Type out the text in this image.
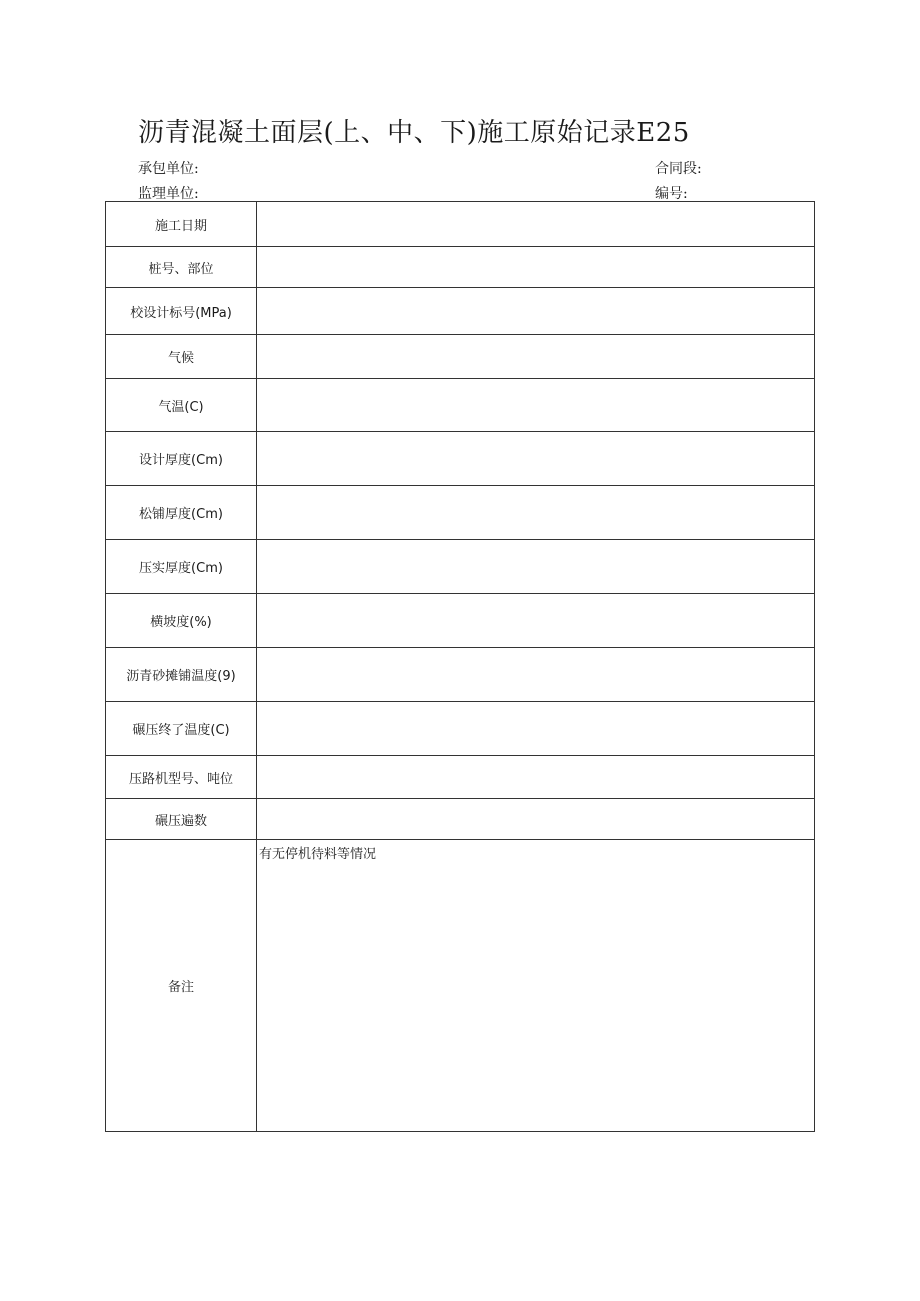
沥青混凝土面层(上、中、下)施工原始记录E25
承包单位:
监理单位:
合同段:
编号:
施工日期	
桩号、部位	
校设计标号(MPa)	
气候	
气温(C)	
设计厚度(Cm)	
松铺厚度(Cm)	
压实厚度(Cm)	
横坡度(%)	
沥青砂摊铺温度(9)	
碾压终了温度(C)	
压路机型号、吨位	
碾压遍数	
备注	有无停机待料等情况
